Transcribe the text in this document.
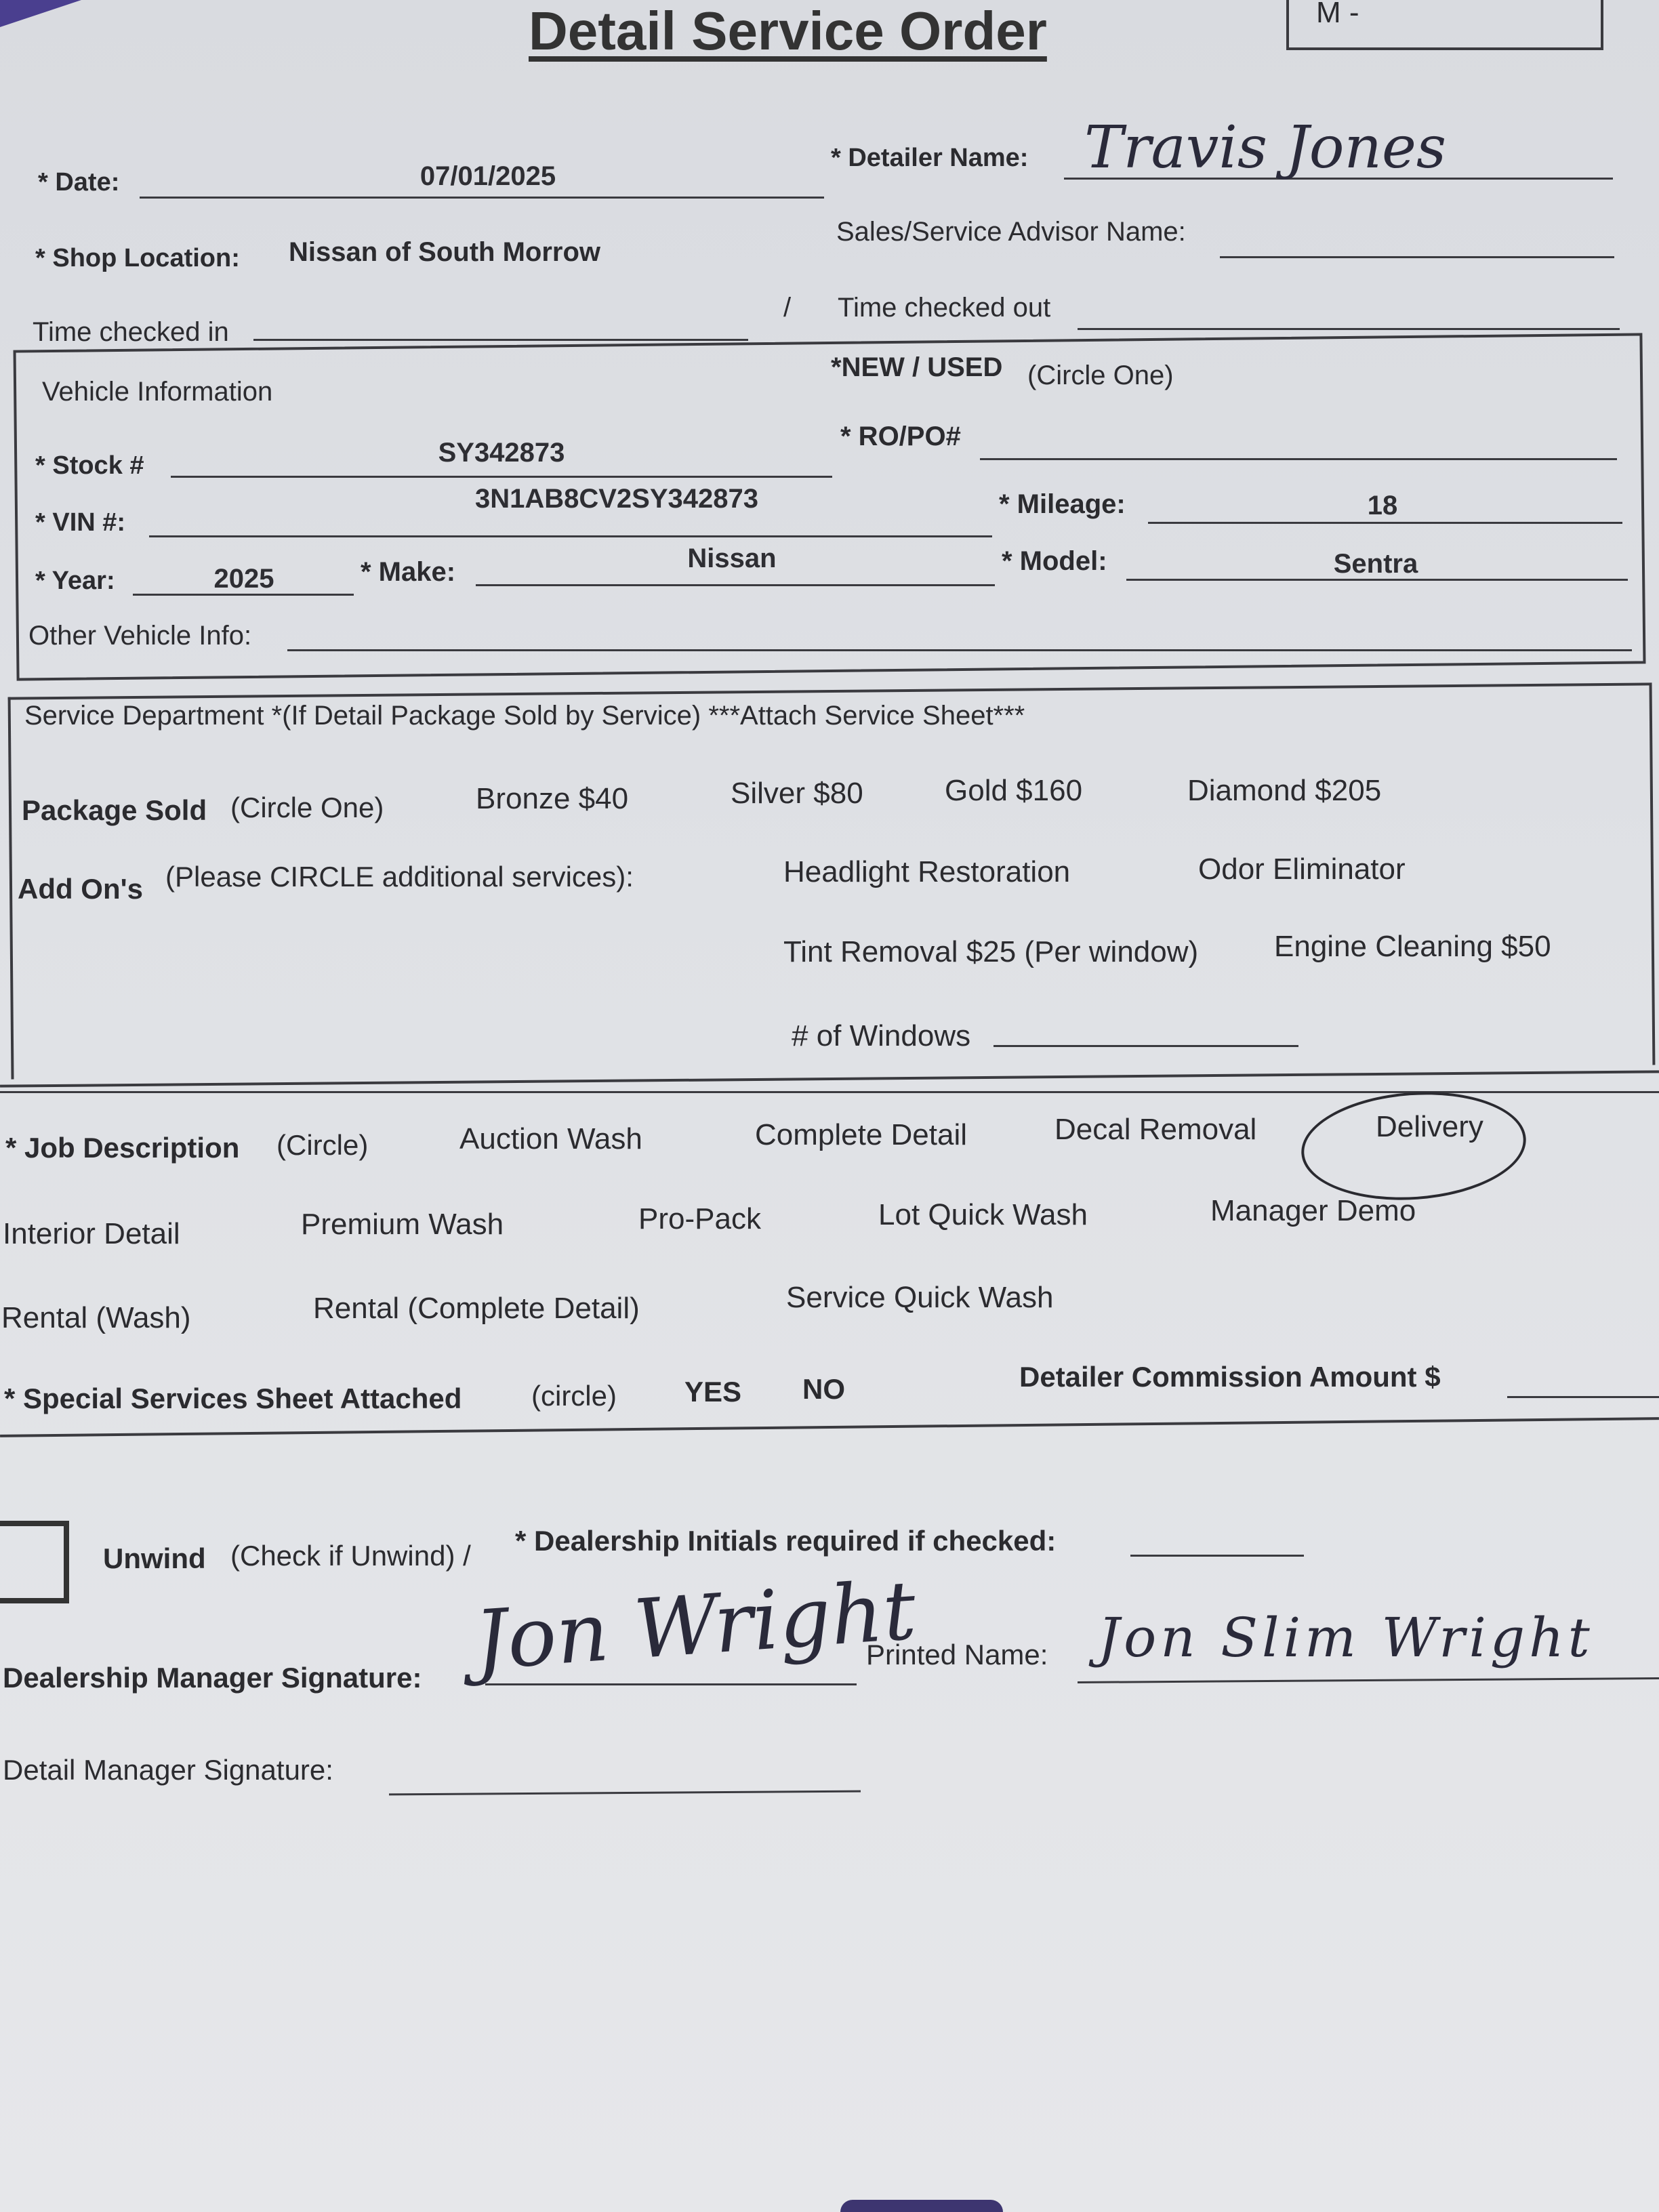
Detail Service Order	M -
* Date:	07/01/2025
* Detailer Name: Travis Jones
* Shop Location: Nissan of South Morrow
Sales/Service Advisor Name:
Time checked in
/ Time checked out
Vehicle Information
*NEW / USED (Circle One)
* Stock #	SY342873
* RO/PO#
* VIN #:
3N1AB8CV2SY342873	* Mileage:	18
* Year:	2025	* Make:	Nissan	* Model:	Sentra
Other Vehicle Info:
Service Department *(If Detail Package Sold by Service) ***Attach Service Sheet***
Package Sold (Circle One)	Bronze $40	Silver $80	Gold $160	Diamond $205
Add On's (Please CIRCLE additional services):	Headlight Restoration	Odor Eliminator
Tint Removal $25 (Per window)	Engine Cleaning $50
# of Windows
* Job Description (Circle)	Auction Wash	Complete Detail	Decal Removal	Delivery
Interior Detail	Premium Wash	Pro-Pack	Lot Quick Wash	Manager Demo
Rental (Wash)	Rental (Complete Detail)	Service Quick Wash
* Special Services Sheet Attached (circle) YES NO	Detailer Commission Amount $
Unwind (Check if Unwind) / * Dealership Initials required if checked:
Dealership Manager Signature: Jon Wright
Printed Name: Jon Slim Wright
Detail Manager Signature:
